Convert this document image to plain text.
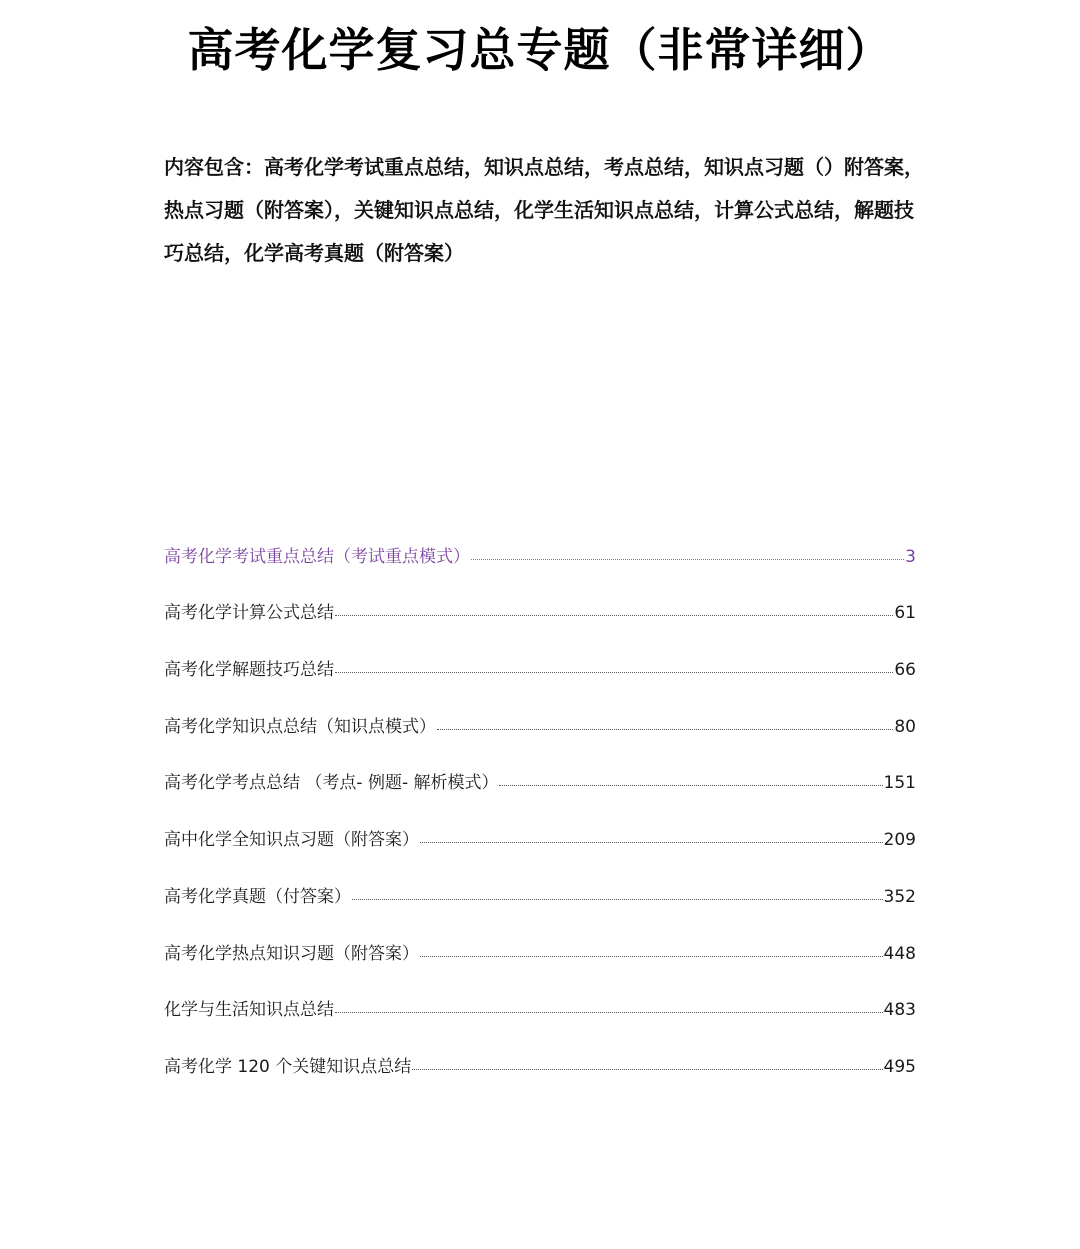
高考化学复习总专题（非常详细）
内容包含：高考化学考试重点总结，知识点总结，考点总结，知识点习题（）附答案，热点习题（附答案），关键知识点总结，化学生活知识点总结，计算公式总结，解题技巧总结，化学高考真题（附答案）
高考化学考试重点总结（考试重点模式）	3
高考化学计算公式总结	61
高考化学解题技巧总结	66
高考化学知识点总结（知识点模式）	80
高考化学考点总结 （考点- 例题- 解析模式）	151
高中化学全知识点习题（附答案）	209
高考化学真题（付答案）	352
高考化学热点知识习题（附答案）	448
化学与生活知识点总结	483
高考化学 120 个关键知识点总结	495
